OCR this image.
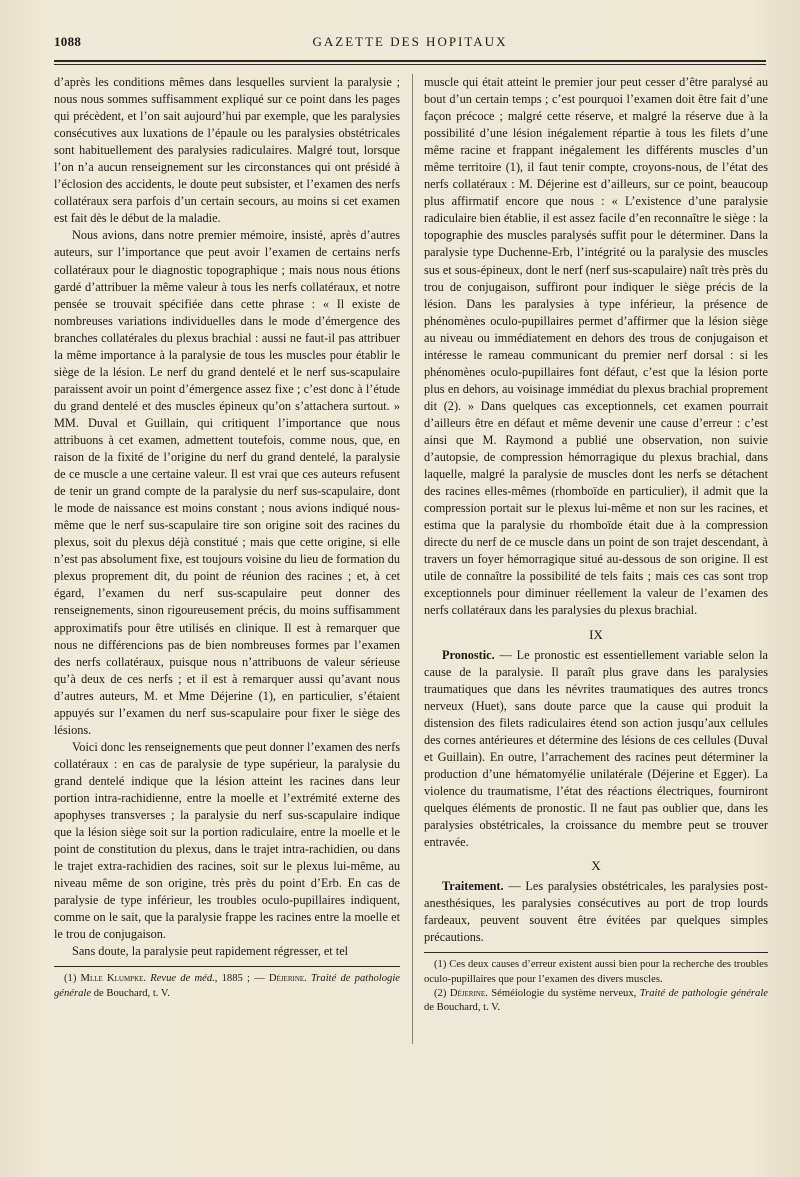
1088	GAZETTE DES HOPITAUX

d’après les conditions mêmes dans lesquelles survient la paralysie ; nous nous sommes suffisamment expliqué sur ce point dans les pages qui précèdent, et l’on sait aujourd’hui par exemple, que les paralysies consécutives aux luxations de l’épaule ou les paralysies obstétricales sont habituellement des paralysies radiculaires. Malgré tout, lorsque l’on n’a aucun renseignement sur les circonstances qui ont présidé à l’éclosion des accidents, le doute peut subsister, et l’examen des nerfs collatéraux sera parfois d’un certain secours, au moins si cet examen est fait dès le début de la maladie.

Nous avions, dans notre premier mémoire, insisté, après d’autres auteurs, sur l’importance que peut avoir l’examen de certains nerfs collatéraux pour le diagnostic topographique ; mais nous nous étions gardé d’attribuer la même valeur à tous les nerfs collatéraux, et notre pensée se trouvait spécifiée dans cette phrase : « Il existe de nombreuses variations individuelles dans le mode d’émergence des branches collatérales du plexus brachial : aussi ne faut-il pas attribuer la même importance à la paralysie de tous les muscles pour établir le siège de la lésion. Le nerf du grand dentelé et le nerf sus-scapulaire paraissent avoir un point d’émergence assez fixe ; c’est donc à l’étude du grand dentelé et des muscles épineux qu’on s’attachera surtout. » MM. Duval et Guillain, qui critiquent l’importance que nous attribuons à cet examen, admettent toutefois, comme nous, que, en raison de la fixité de l’origine du nerf du grand dentelé, la paralysie de ce muscle a une certaine valeur. Il est vrai que ces auteurs refusent de tenir un grand compte de la paralysie du nerf sus-scapulaire, dont le mode de naissance est moins constant ; nous avions indiqué nous-même que le nerf sus-scapulaire tire son origine soit des racines du plexus, soit du plexus déjà constitué ; mais que cette origine, si elle n’est pas absolument fixe, est toujours voisine du lieu de formation du plexus proprement dit, du point de réunion des racines ; et, à cet égard, l’examen du nerf sus-scapulaire peut donner des renseignements, sinon rigoureusement précis, du moins suffisamment approximatifs pour être utilisés en clinique. Il est à remarquer que nous ne différencions pas de bien nombreuses formes par l’examen des nerfs collatéraux, puisque nous n’attribuons de valeur sérieuse qu’à deux de ces nerfs ; et il est à remarquer aussi qu’avant nous d’autres auteurs, M. et Mme Déjerine (1), en particulier, s’étaient appuyés sur l’examen du nerf sus-scapulaire pour fixer le siège des lésions.

Voici donc les renseignements que peut donner l’examen des nerfs collatéraux : en cas de paralysie de type supérieur, la paralysie du grand dentelé indique que la lésion atteint les racines dans leur portion intra-rachidienne, entre la moelle et l’extrémité externe des apophyses transverses ; la paralysie du nerf sus-scapulaire indique que la lésion siège soit sur la portion radiculaire, entre la moelle et le point de constitution du plexus, dans le trajet intra-rachidien, ou dans le trajet extra-rachidien des racines, soit sur le plexus lui-même, au niveau même de son origine, très près du point d’Erb. En cas de paralysie de type inférieur, les troubles oculo-pupillaires indiquent, comme on le sait, que la paralysie frappe les racines entre la moelle et le trou de conjugaison.

Sans doute, la paralysie peut rapidement régresser, et tel

(1) Mlle Klumpke. Revue de méd., 1885 ; — Déjerine. Traité de pathologie générale de Bouchard, t. V.

muscle qui était atteint le premier jour peut cesser d’être paralysé au bout d’un certain temps ; c’est pourquoi l’examen doit être fait d’une façon précoce ; malgré cette réserve, et malgré la réserve due à la possibilité d’une lésion inégalement répartie à tous les filets d’une même racine et frappant inégalement les différents muscles d’un même territoire (1), il faut tenir compte, croyons-nous, de l’état des nerfs collatéraux : M. Déjerine est d’ailleurs, sur ce point, beaucoup plus affirmatif encore que nous : « L’existence d’une paralysie radiculaire bien établie, il est assez facile d’en reconnaître le siège : la topographie des muscles paralysés suffit pour le déterminer. Dans la paralysie type Duchenne-Erb, l’intégrité ou la paralysie des muscles sus et sous-épineux, dont le nerf (nerf sus-scapulaire) naît très près du trou de conjugaison, suffiront pour indiquer le siège précis de la lésion. Dans les paralysies à type inférieur, la présence de phénomènes oculo-pupillaires permet d’affirmer que la lésion siège au niveau ou immédiatement en dehors des trous de conjugaison et intéresse le rameau communicant du premier nerf dorsal : si les phénomènes oculo-pupillaires font défaut, c’est que la lésion porte plus en dehors, au voisinage immédiat du plexus brachial proprement dit (2). » Dans quelques cas exceptionnels, cet examen pourrait d’ailleurs être en défaut et même devenir une cause d’erreur : c’est ainsi que M. Raymond a publié une observation, non suivie d’autopsie, de compression hémorragique du plexus brachial, dans laquelle, malgré la paralysie de muscles dont les nerfs se détachent des racines elles-mêmes (rhomboïde en particulier), il admit que la compression portait sur le plexus lui-même et non sur les racines, et estima que la paralysie du rhomboïde était due à la compression directe du nerf de ce muscle dans un point de son trajet descendant, à travers un foyer hémorragique situé au-dessous de son origine. Il est utile de connaître la possibilité de tels faits ; mais ces cas sont trop exceptionnels pour diminuer réellement la valeur de l’examen des nerfs collatéraux dans les paralysies du plexus brachial.

IX

Pronostic. — Le pronostic est essentiellement variable selon la cause de la paralysie. Il paraît plus grave dans les paralysies traumatiques que dans les névrites traumatiques des autres troncs nerveux (Huet), sans doute parce que la cause qui produit la distension des filets radiculaires étend son action jusqu’aux cellules des cornes antérieures et détermine des lésions de ces cellules (Duval et Guillain). En outre, l’arrachement des racines peut déterminer la production d’une hématomyélie unilatérale (Déjerine et Egger). La violence du traumatisme, l’état des réactions électriques, fourniront quelques éléments de pronostic. Il ne faut pas oublier que, dans les paralysies obstétricales, la croissance du membre peut se trouver entravée.

X

Traitement. — Les paralysies obstétricales, les paralysies post-anesthésiques, les paralysies consécutives au port de trop lourds fardeaux, peuvent souvent être évitées par quelques simples précautions.

(1) Ces deux causes d’erreur existent aussi bien pour la recherche des troubles oculo-pupillaires que pour l’examen des divers muscles.

(2) Déjerine. Séméiologie du système nerveux, Traité de pathologie générale de Bouchard, t. V.
